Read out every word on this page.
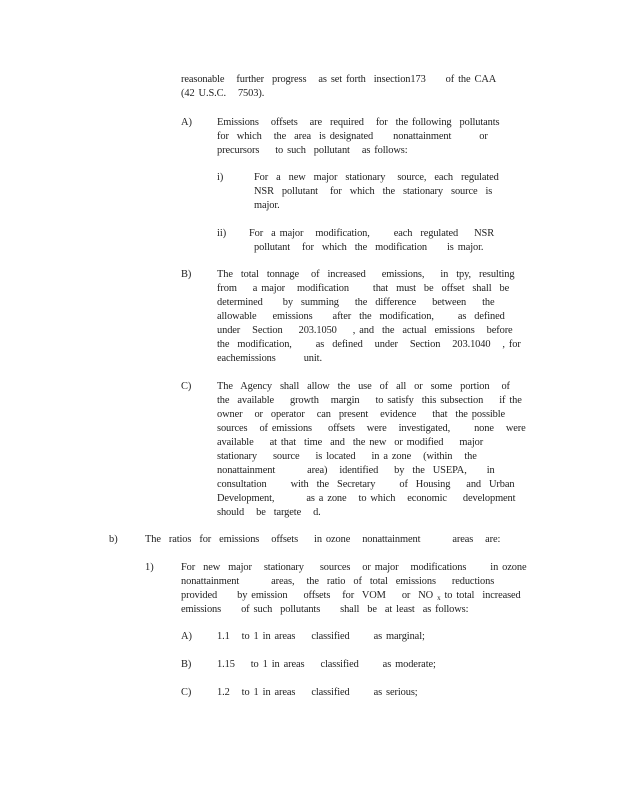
reasonable   further  progress   as set forth  insection173     of the CAA
(42 U.S.C.   7503).
A) Emissions   offsets   are  required   for  the following  pollutants
for  which   the  area  is designated     nonattainment       or
precursors    to such  pollutant   as follows:
i)	For  a  new  major  stationary   source,  each  regulated
NSR  pollutant   for  which  the  stationary  source  is
major.
ii) For  a major   modification,      each  regulated    NSR
pollutant   for  which  the  modification     is major.
B) The  total  tonnage   of  increased    emissions,    in  tpy,  resulting
from    a major   modification      that  must  be  offset  shall  be
determined     by  summing    the  difference    between    the
allowable    emissions     after  the  modification,      as  defined
under   Section    203.1050    , and  the  actual  emissions   before
the  modification,      as  defined   under   Section   203.1040   , for
eachemissions       unit.
C) The  Agency  shall  allow  the  use  of  all  or  some  portion   of
the  available    growth   margin    to satisfy  this subsection    if the
owner   or  operator   can  present   evidence    that  the possible
sources   of emissions    offsets   were   investigated,      none   were
available    at that  time  and  the new  or modified    major
stationary    source    is located    in a zone   (within   the
nonattainment        area)   identified    by  the  USEPA,     in
consultation      with  the  Secretary      of  Housing    and  Urban
Development,        as a zone   to which   economic    development
should   be  targete   d.
b)	The  ratios  for  emissions   offsets    in ozone   nonattainment        areas   are:
1)	For  new  major   stationary    sources   or major   modifications      in ozone
nonattainment        areas,   the  ratio  of  total  emissions    reductions
provided     by emission    offsets   for  VOM    or  NO $_x$ to total  increased
emissions     of such  pollutants     shall  be  at least  as follows:
A) 1.1   to 1 in areas    classified      as marginal;
B) 1.15    to 1 in areas    classified      as moderate;
C) 1.2   to 1 in areas    classified      as serious;
